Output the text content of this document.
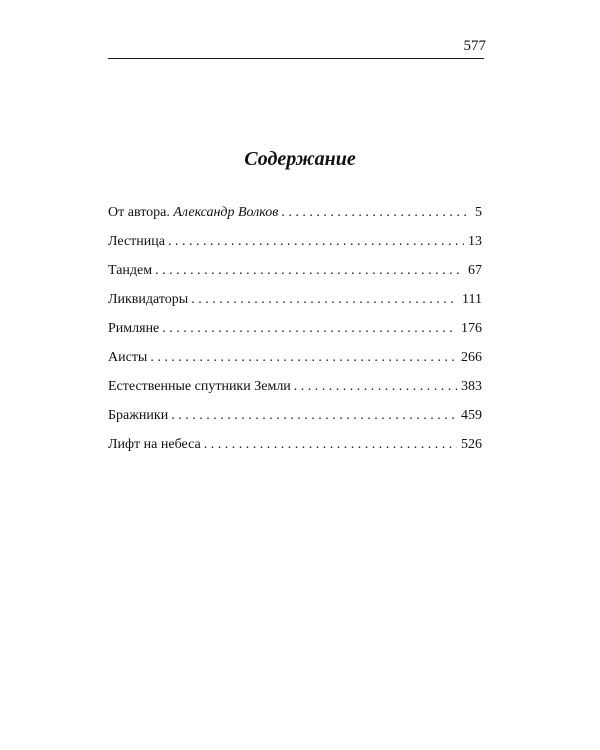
577
Содержание
От автора. Александр Волков . . .	5
Лестница . . .	13
Тандем . . .	67
Ликвидаторы . . .	111
Римляне . . .	176
Аисты . . .	266
Естественные спутники Земли . . .	383
Бражники . . .	459
Лифт на небеса . . .	526
